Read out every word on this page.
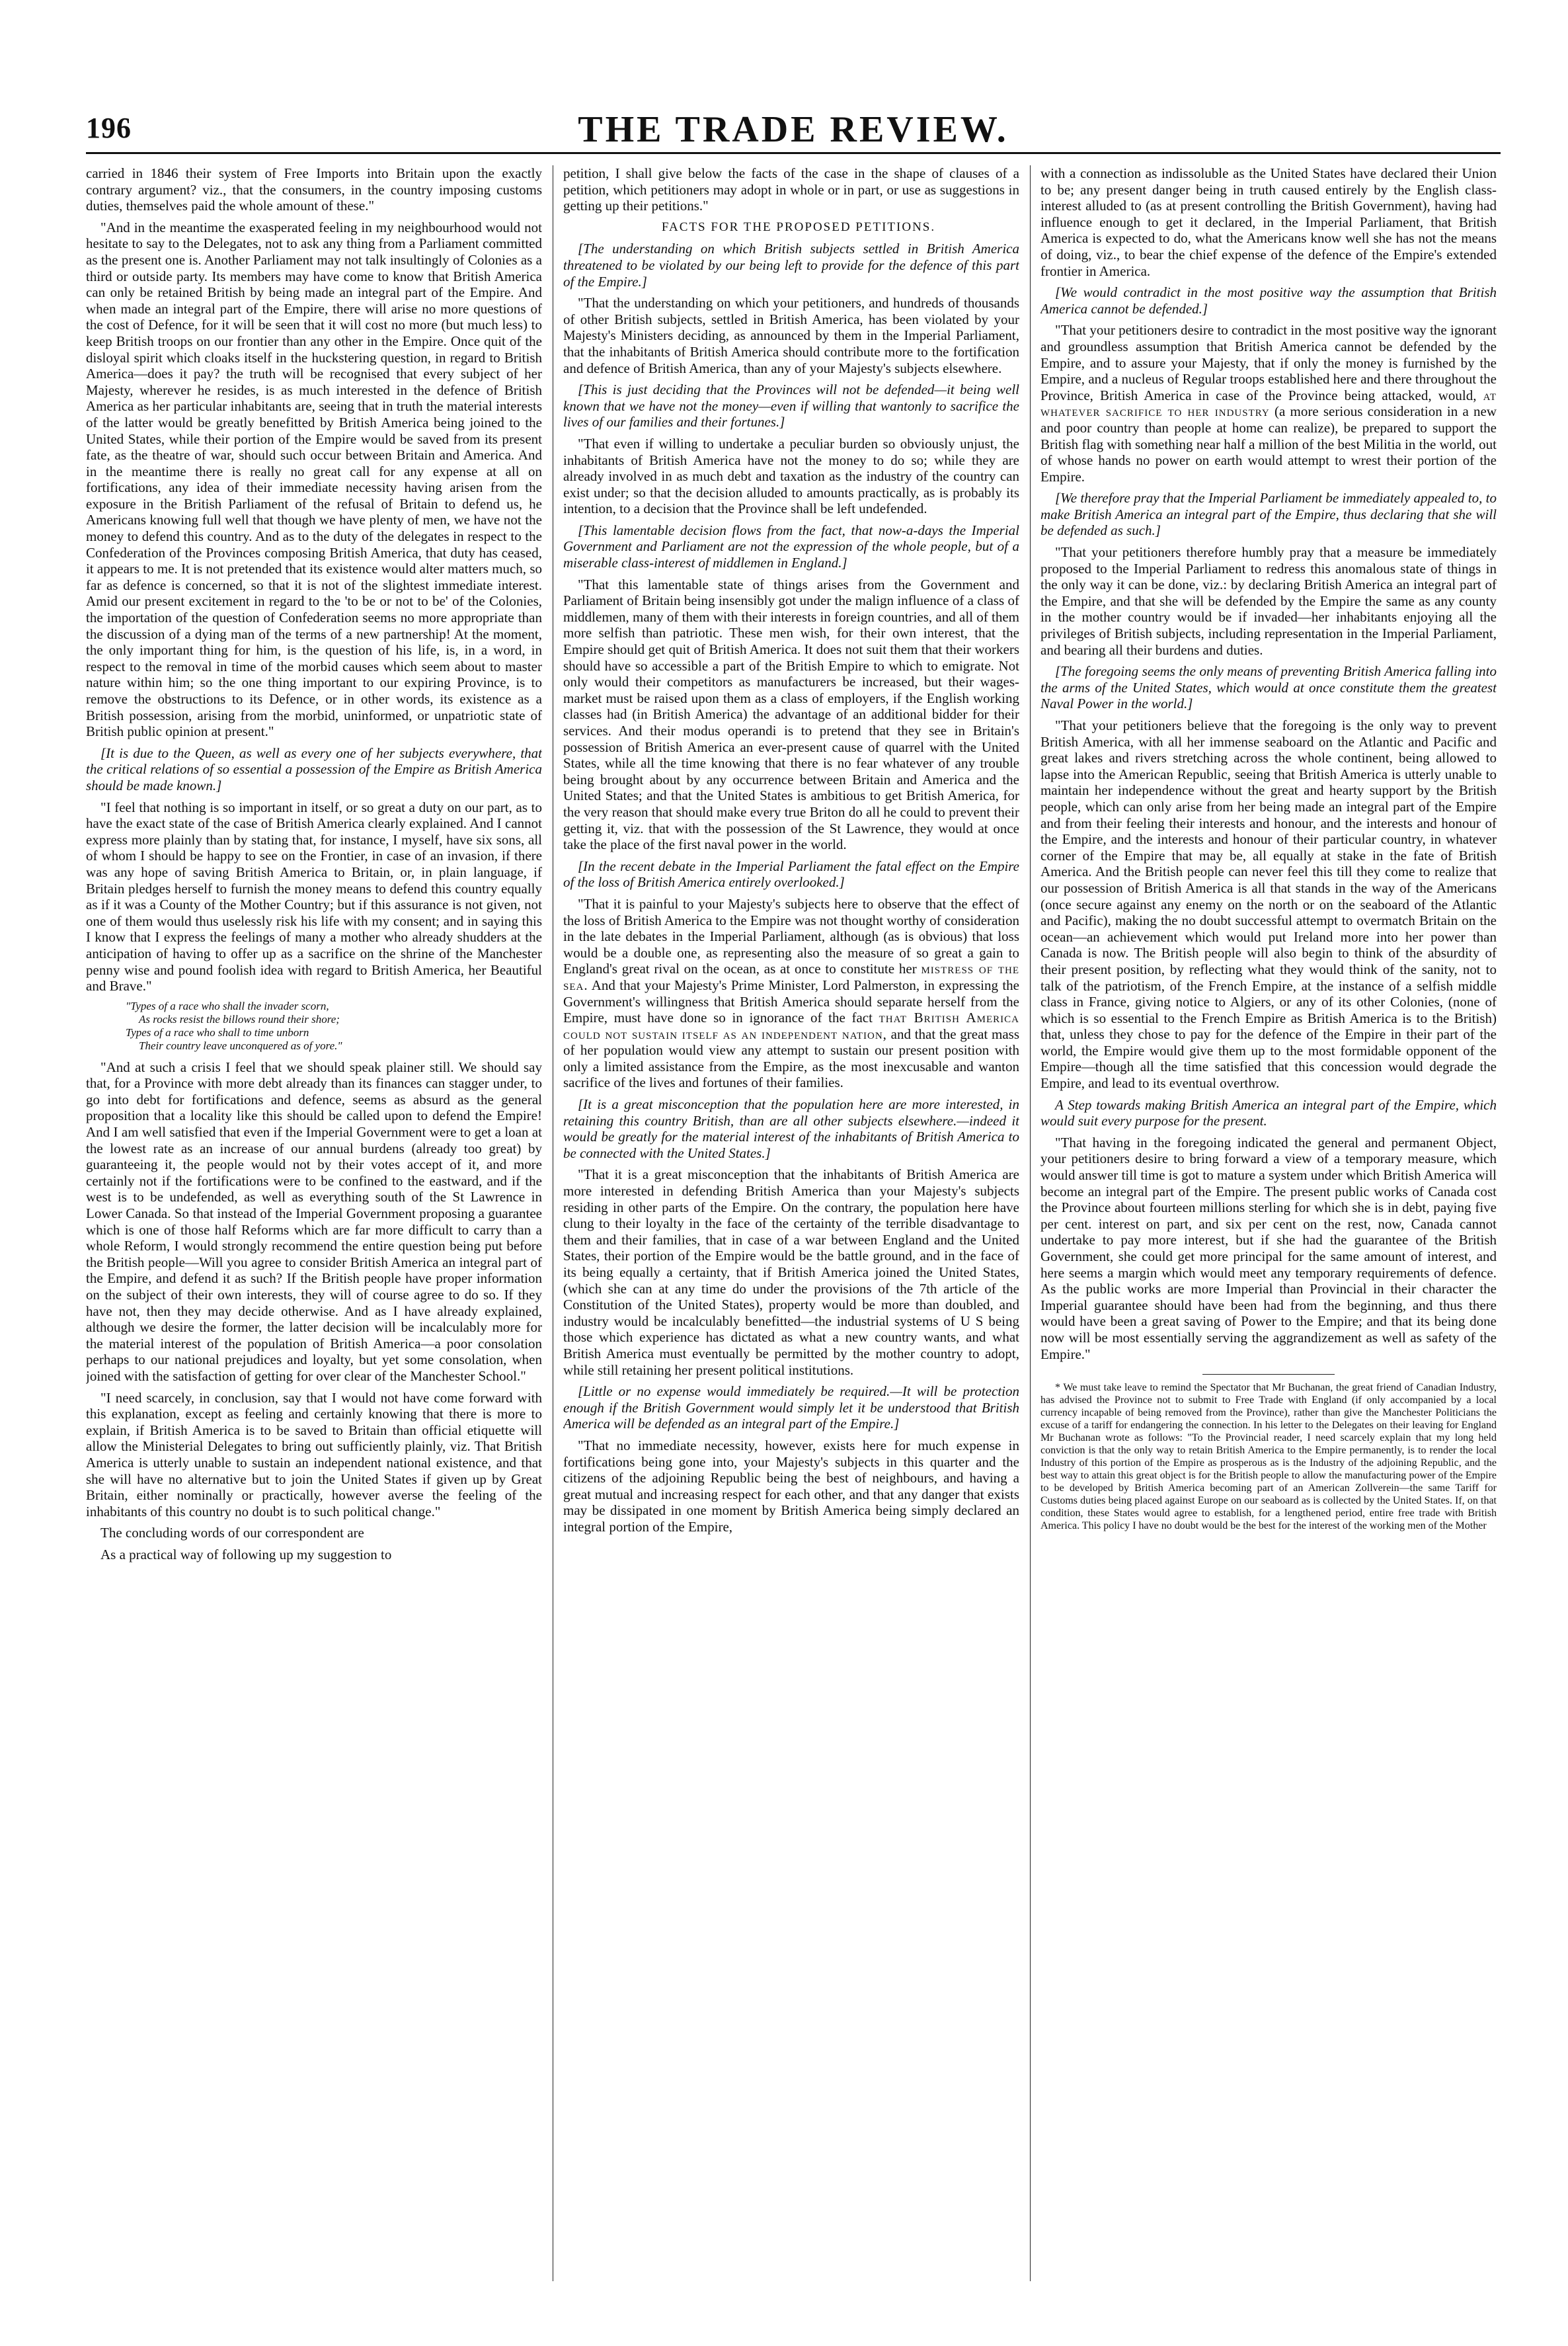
196	THE TRADE REVIEW.

carried in 1846 their system of Free Imports into Britain upon the exactly contrary argument? viz., that the consumers, in the country imposing customs duties, themselves paid the whole amount of these."

"And in the meantime the exasperated feeling in my neighbourhood would not hesitate to say to the Delegates, not to ask any thing from a Parliament committed as the present one is. Another Parliament may not talk insultingly of Colonies as a third or outside party. Its members may have come to know that British America can only be retained British by being made an integral part of the Empire. And when made an integral part of the Empire, there will arise no more questions of the cost of Defence, for it will be seen that it will cost no more (but much less) to keep British troops on our frontier than any other in the Empire. Once quit of the disloyal spirit which cloaks itself in the huckstering question, in regard to British America—does it pay? the truth will be recognised that every subject of her Majesty, wherever he resides, is as much interested in the defence of British America as her particular inhabitants are, seeing that in truth the material interests of the latter would be greatly benefitted by British America being joined to the United States, while their portion of the Empire would be saved from its present fate, as the theatre of war, should such occur between Britain and America. And in the meantime there is really no great call for any expense at all on fortifications, any idea of their immediate necessity having arisen from the exposure in the British Parliament of the refusal of Britain to defend us, he Americans knowing full well that though we have plenty of men, we have not the money to defend this country. And as to the duty of the delegates in respect to the Confederation of the Provinces composing British America, that duty has ceased, it appears to me. It is not pretended that its existence would alter matters much, so far as defence is concerned, so that it is not of the slightest immediate interest. Amid our present excitement in regard to the 'to be or not to be' of the Colonies, the importation of the question of Confederation seems no more appropriate than the discussion of a dying man of the terms of a new partnership! At the moment, the only important thing for him, is the question of his life, is, in a word, in respect to the removal in time of the morbid causes which seem about to master nature within him; so the one thing important to our expiring Province, is to remove the obstructions to its Defence, or in other words, its existence as a British possession, arising from the morbid, uninformed, or unpatriotic state of British public opinion at present."

[It is due to the Queen, as well as every one of her subjects everywhere, that the critical relations of so essential a possession of the Empire as British America should be made known.]

"I feel that nothing is so important in itself, or so great a duty on our part, as to have the exact state of the case of British America clearly explained. And I cannot express more plainly than by stating that, for instance, I myself, have six sons, all of whom I should be happy to see on the Frontier, in case of an invasion, if there was any hope of saving British America to Britain, or, in plain language, if Britain pledges herself to furnish the money means to defend this country equally as if it was a County of the Mother Country; but if this assurance is not given, not one of them would thus uselessly risk his life with my consent; and in saying this I know that I express the feelings of many a mother who already shudders at the anticipation of having to offer up as a sacrifice on the shrine of the Manchester penny wise and pound foolish idea with regard to British America, her Beautiful and Brave."

"Types of a race who shall the invader scorn,
As rocks resist the billows round their shore;
Types of a race who shall to time unborn
Their country leave unconquered as of yore."

"And at such a crisis I feel that we should speak plainer still. We should say that, for a Province with more debt already than its finances can stagger under, to go into debt for fortifications and defence, seems as absurd as the general proposition that a locality like this should be called upon to defend the Empire! And I am well satisfied that even if the Imperial Government were to get a loan at the lowest rate as an increase of our annual burdens (already too great) by guaranteeing it, the people would not by their votes accept of it, and more certainly not if the fortifications were to be confined to the eastward, and if the west is to be undefended, as well as everything south of the St Lawrence in Lower Canada. So that instead of the Imperial Government proposing a guarantee which is one of those half Reforms which are far more difficult to carry than a whole Reform, I would strongly recommend the entire question being put before the British people—Will you agree to consider British America an integral part of the Empire, and defend it as such? If the British people have proper information on the subject of their own interests, they will of course agree to do so. If they have not, then they may decide otherwise. And as I have already explained, although we desire the former, the latter decision will be incalculably more for the material interest of the population of British America—a poor consolation perhaps to our national prejudices and loyalty, but yet some consolation, when joined with the satisfaction of getting for over clear of the Manchester School."

"I need scarcely, in conclusion, say that I would not have come forward with this explanation, except as feeling and certainly knowing that there is more to explain, if British America is to be saved to Britain than official etiquette will allow the Ministerial Delegates to bring out sufficiently plainly, viz. That British America is utterly unable to sustain an independent national existence, and that she will have no alternative but to join the United States if given up by Great Britain, either nominally or practically, however averse the feeling of the inhabitants of this country no doubt is to such political change."

The concluding words of our correspondent are

As a practical way of following up my suggestion to

petition, I shall give below the facts of the case in the shape of clauses of a petition, which petitioners may adopt in whole or in part, or use as suggestions in getting up their petitions."

FACTS FOR THE PROPOSED PETITIONS.

[The understanding on which British subjects settled in British America threatened to be violated by our being left to provide for the defence of this part of the Empire.]

"That the understanding on which your petitioners, and hundreds of thousands of other British subjects, settled in British America, has been violated by your Majesty's Ministers deciding, as announced by them in the Imperial Parliament, that the inhabitants of British America should contribute more to the fortification and defence of British America, than any of your Majesty's subjects elsewhere.

[This is just deciding that the Provinces will not be defended—it being well known that we have not the money—even if willing that wantonly to sacrifice the lives of our families and their fortunes.]

"That even if willing to undertake a peculiar burden so obviously unjust, the inhabitants of British America have not the money to do so; while they are already involved in as much debt and taxation as the industry of the country can exist under; so that the decision alluded to amounts practically, as is probably its intention, to a decision that the Province shall be left undefended.

[This lamentable decision flows from the fact, that now-a-days the Imperial Government and Parliament are not the expression of the whole people, but of a miserable class-interest of middlemen in England.]

"That this lamentable state of things arises from the Government and Parliament of Britain being insensibly got under the malign influence of a class of middlemen, many of them with their interests in foreign countries, and all of them more selfish than patriotic. These men wish, for their own interest, that the Empire should get quit of British America. It does not suit them that their workers should have so accessible a part of the British Empire to which to emigrate. Not only would their competitors as manufacturers be increased, but their wages-market must be raised upon them as a class of employers, if the English working classes had (in British America) the advantage of an additional bidder for their services. And their modus operandi is to pretend that they see in Britain's possession of British America an ever-present cause of quarrel with the United States, while all the time knowing that there is no fear whatever of any trouble being brought about by any occurrence between Britain and America and the United States; and that the United States is ambitious to get British America, for the very reason that should make every true Briton do all he could to prevent their getting it, viz. that with the possession of the St Lawrence, they would at once take the place of the first naval power in the world.

[In the recent debate in the Imperial Parliament the fatal effect on the Empire of the loss of British America entirely overlooked.]

"That it is painful to your Majesty's subjects here to observe that the effect of the loss of British America to the Empire was not thought worthy of consideration in the late debates in the Imperial Parliament, although (as is obvious) that loss would be a double one, as representing also the measure of so great a gain to England's great rival on the ocean, as at once to constitute her mistress of the sea. And that your Majesty's Prime Minister, Lord Palmerston, in expressing the Government's willingness that British America should separate herself from the Empire, must have done so in ignorance of the fact that British America could not sustain itself as an independent nation, and that the great mass of her population would view any attempt to sustain our present position with only a limited assistance from the Empire, as the most inexcusable and wanton sacrifice of the lives and fortunes of their families.

[It is a great misconception that the population here are more interested, in retaining this country British, than are all other subjects elsewhere.—indeed it would be greatly for the material interest of the inhabitants of British America to be connected with the United States.]

"That it is a great misconception that the inhabitants of British America are more interested in defending British America than your Majesty's subjects residing in other parts of the Empire. On the contrary, the population here have clung to their loyalty in the face of the certainty of the terrible disadvantage to them and their families, that in case of a war between England and the United States, their portion of the Empire would be the battle ground, and in the face of its being equally a certainty, that if British America joined the United States, (which she can at any time do under the provisions of the 7th article of the Constitution of the United States), property would be more than doubled, and industry would be incalculably benefitted—the industrial systems of U S being those which experience has dictated as what a new country wants, and what British America must eventually be permitted by the mother country to adopt, while still retaining her present political institutions.

[Little or no expense would immediately be required.—It will be protection enough if the British Government would simply let it be understood that British America will be defended as an integral part of the Empire.]

"That no immediate necessity, however, exists here for much expense in fortifications being gone into, your Majesty's subjects in this quarter and the citizens of the adjoining Republic being the best of neighbours, and having a great mutual and increasing respect for each other, and that any danger that exists may be dissipated in one moment by British America being simply declared an integral portion of the Empire,

with a connection as indissoluble as the United States have declared their Union to be; any present danger being in truth caused entirely by the English class-interest alluded to (as at present controlling the British Government), having had influence enough to get it declared, in the Imperial Parliament, that British America is expected to do, what the Americans know well she has not the means of doing, viz., to bear the chief expense of the defence of the Empire's extended frontier in America.

[We would contradict in the most positive way the assumption that British America cannot be defended.]

"That your petitioners desire to contradict in the most positive way the ignorant and groundless assumption that British America cannot be defended by the Empire, and to assure your Majesty, that if only the money is furnished by the Empire, and a nucleus of Regular troops established here and there throughout the Province, British America in case of the Province being attacked, would, at whatever sacrifice to her industry (a more serious consideration in a new and poor country than people at home can realize), be prepared to support the British flag with something near half a million of the best Militia in the world, out of whose hands no power on earth would attempt to wrest their portion of the Empire.

[We therefore pray that the Imperial Parliament be immediately appealed to, to make British America an integral part of the Empire, thus declaring that she will be defended as such.]

"That your petitioners therefore humbly pray that a measure be immediately proposed to the Imperial Parliament to redress this anomalous state of things in the only way it can be done, viz.: by declaring British America an integral part of the Empire, and that she will be defended by the Empire the same as any county in the mother country would be if invaded—her inhabitants enjoying all the privileges of British subjects, including representation in the Imperial Parliament, and bearing all their burdens and duties.

[The foregoing seems the only means of preventing British America falling into the arms of the United States, which would at once constitute them the greatest Naval Power in the world.]

"That your petitioners believe that the foregoing is the only way to prevent British America, with all her immense seaboard on the Atlantic and Pacific and great lakes and rivers stretching across the whole continent, being allowed to lapse into the American Republic, seeing that British America is utterly unable to maintain her independence without the great and hearty support by the British people, which can only arise from her being made an integral part of the Empire and from their feeling their interests and honour, and the interests and honour of the Empire, and the interests and honour of their particular country, in whatever corner of the Empire that may be, all equally at stake in the fate of British America. And the British people can never feel this till they come to realize that our possession of British America is all that stands in the way of the Americans (once secure against any enemy on the north or on the seaboard of the Atlantic and Pacific), making the no doubt successful attempt to overmatch Britain on the ocean—an achievement which would put Ireland more into her power than Canada is now. The British people will also begin to think of the absurdity of their present position, by reflecting what they would think of the sanity, not to talk of the patriotism, of the French Empire, at the instance of a selfish middle class in France, giving notice to Algiers, or any of its other Colonies, (none of which is so essential to the French Empire as British America is to the British) that, unless they chose to pay for the defence of the Empire in their part of the world, the Empire would give them up to the most formidable opponent of the Empire—though all the time satisfied that this concession would degrade the Empire, and lead to its eventual overthrow.

A Step towards making British America an integral part of the Empire, which would suit every purpose for the present.

"That having in the foregoing indicated the general and permanent Object, your petitioners desire to bring forward a view of a temporary measure, which would answer till time is got to mature a system under which British America will become an integral part of the Empire. The present public works of Canada cost the Province about fourteen millions sterling for which she is in debt, paying five per cent. interest on part, and six per cent on the rest, now, Canada cannot undertake to pay more interest, but if she had the guarantee of the British Government, she could get more principal for the same amount of interest, and here seems a margin which would meet any temporary requirements of defence. As the public works are more Imperial than Provincial in their character the Imperial guarantee should have been had from the beginning, and thus there would have been a great saving of Power to the Empire; and that its being done now will be most essentially serving the aggrandizement as well as safety of the Empire."

* We must take leave to remind the Spectator that Mr Buchanan, the great friend of Canadian Industry, has advised the Province not to submit to Free Trade with England (if only accompanied by a local currency incapable of being removed from the Province), rather than give the Manchester Politicians the excuse of a tariff for endangering the connection. In his letter to the Delegates on their leaving for England Mr Buchanan wrote as follows: "To the Provincial reader, I need scarcely explain that my long held conviction is that the only way to retain British America to the Empire permanently, is to render the local Industry of this portion of the Empire as prosperous as is the Industry of the adjoining Republic, and the best way to attain this great object is for the British people to allow the manufacturing power of the Empire to be developed by British America becoming part of an American Zollverein—the same Tariff for Customs duties being placed against Europe on our seaboard as is collected by the United States. If, on that condition, these States would agree to establish, for a lengthened period, entire free trade with British America. This policy I have no doubt would be the best for the interest of the working men of the Mother
